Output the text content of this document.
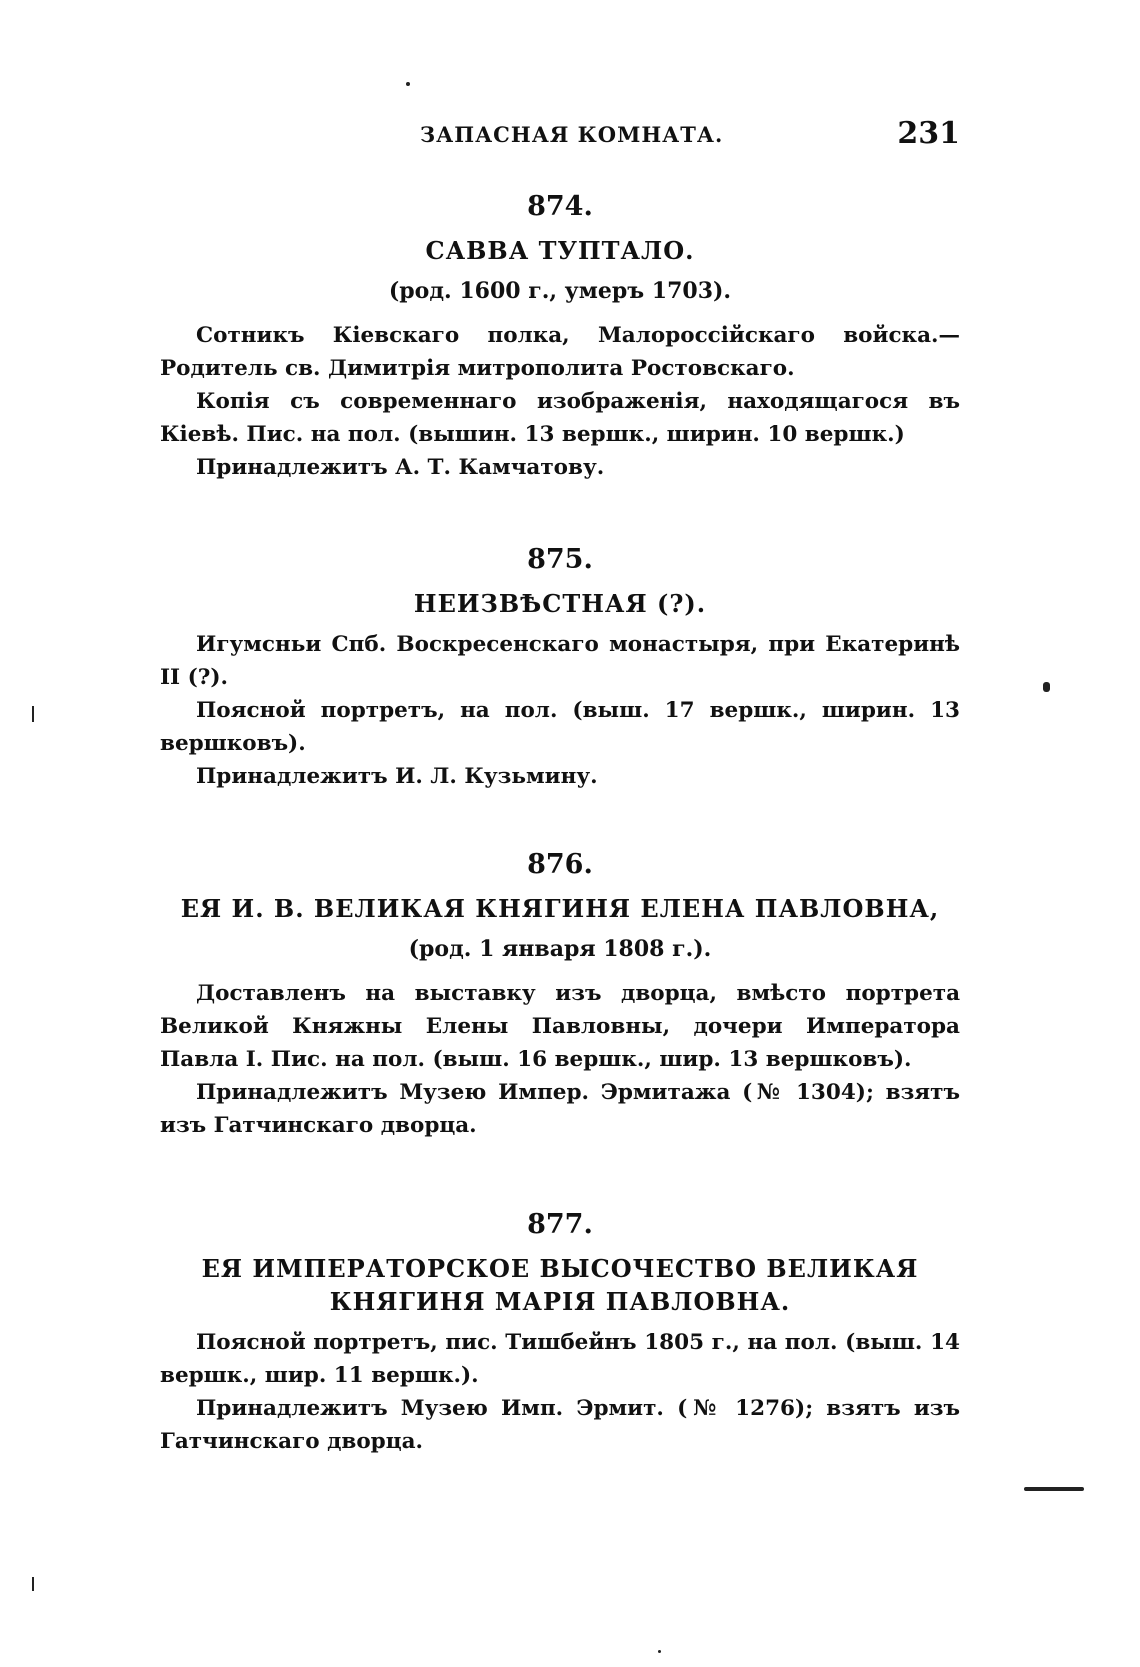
ЗАПАСНАЯ КОМНАТА.	231
874.
САВВА ТУПТАЛО.
(род. 1600 г., умеръ 1703).

Сотникъ Кіевскаго полка, Малороссійскаго войска.—Родитель св. Димитрія митрополита Ростовскаго.

Копія съ современнаго изображенія, находящагося въ Кіевѣ. Пис. на пол. (вышин. 13 вершк., ширин. 10 вершк.)

Принадлежитъ А. Т. Камчатову.

875.
НЕИЗВѢСТНАЯ (?).

Игумсньи Спб. Воскресенскаго монастыря, при Екатеринѣ II (?).

Поясной портретъ, на пол. (выш. 17 вершк., ширин. 13 вершковъ).

Принадлежитъ И. Л. Кузьмину.

876.
ЕЯ И. В. ВЕЛИКАЯ КНЯГИНЯ ЕЛЕНА ПАВЛОВНА,
(род. 1 января 1808 г.).

Доставленъ на выставку изъ дворца, вмѣсто портрета Великой Княжны Елены Павловны, дочери Императора Павла I. Пис. на пол. (выш. 16 вершк., шир. 13 вершковъ).

Принадлежитъ Музею Импер. Эрмитажа (№ 1304); взятъ изъ Гатчинскаго дворца.

877.
ЕЯ ИМПЕРАТОРСКОЕ ВЫСОЧЕСТВО ВЕЛИКАЯ КНЯГИНЯ МАРІЯ ПАВЛОВНА.

Поясной портретъ, пис. Тишбейнъ 1805 г., на пол. (выш. 14 вершк., шир. 11 вершк.).

Принадлежитъ Музею Имп. Эрмит. (№ 1276); взятъ изъ Гатчинскаго дворца.
